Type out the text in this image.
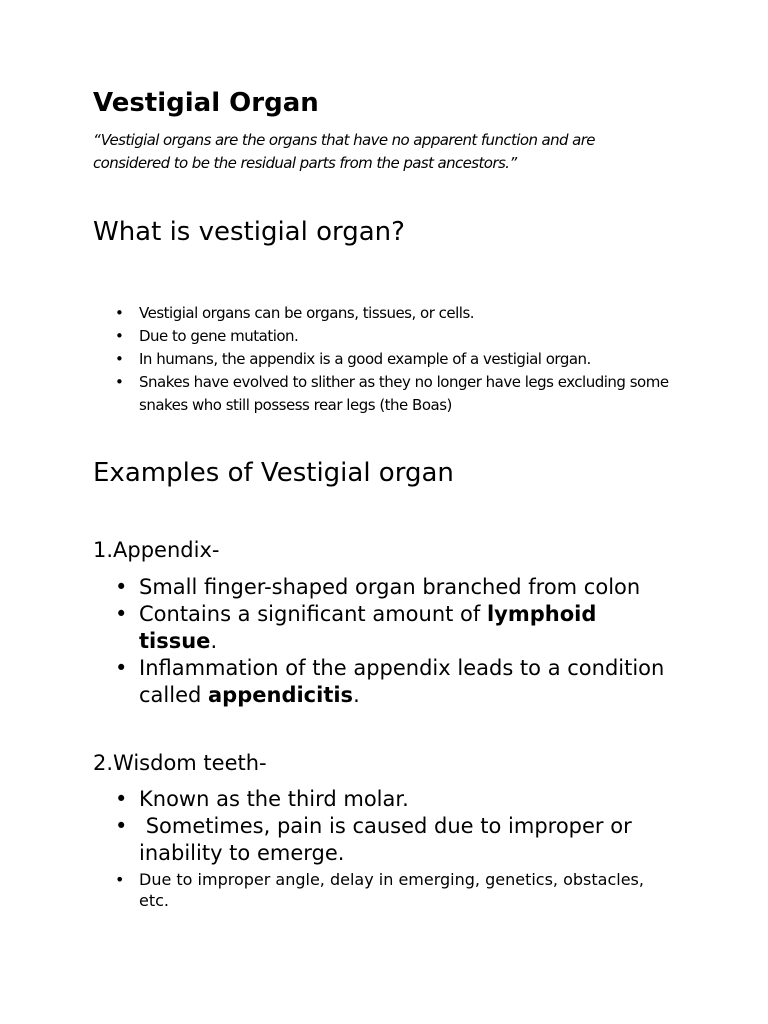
Vestigial Organ

“Vestigial organs are the organs that have no apparent function and are considered to be the residual parts from the past ancestors.”

What is vestigial organ?
• Vestigial organs can be organs, tissues, or cells.
• Due to gene mutation.
• In humans, the appendix is a good example of a vestigial organ.
• Snakes have evolved to slither as they no longer have legs excluding some snakes who still possess rear legs (the Boas)
Examples of Vestigial organ

1.Appendix-

• Small finger-shaped organ branched from colon
• Contains a significant amount of lymphoid tissue.
• Inflammation of the appendix leads to a condition called appendicitis.

2.Wisdom teeth-

• Known as the third molar.
• Sometimes, pain is caused due to improper or inability to emerge.
• Due to improper angle, delay in emerging, genetics, obstacles, etc.
